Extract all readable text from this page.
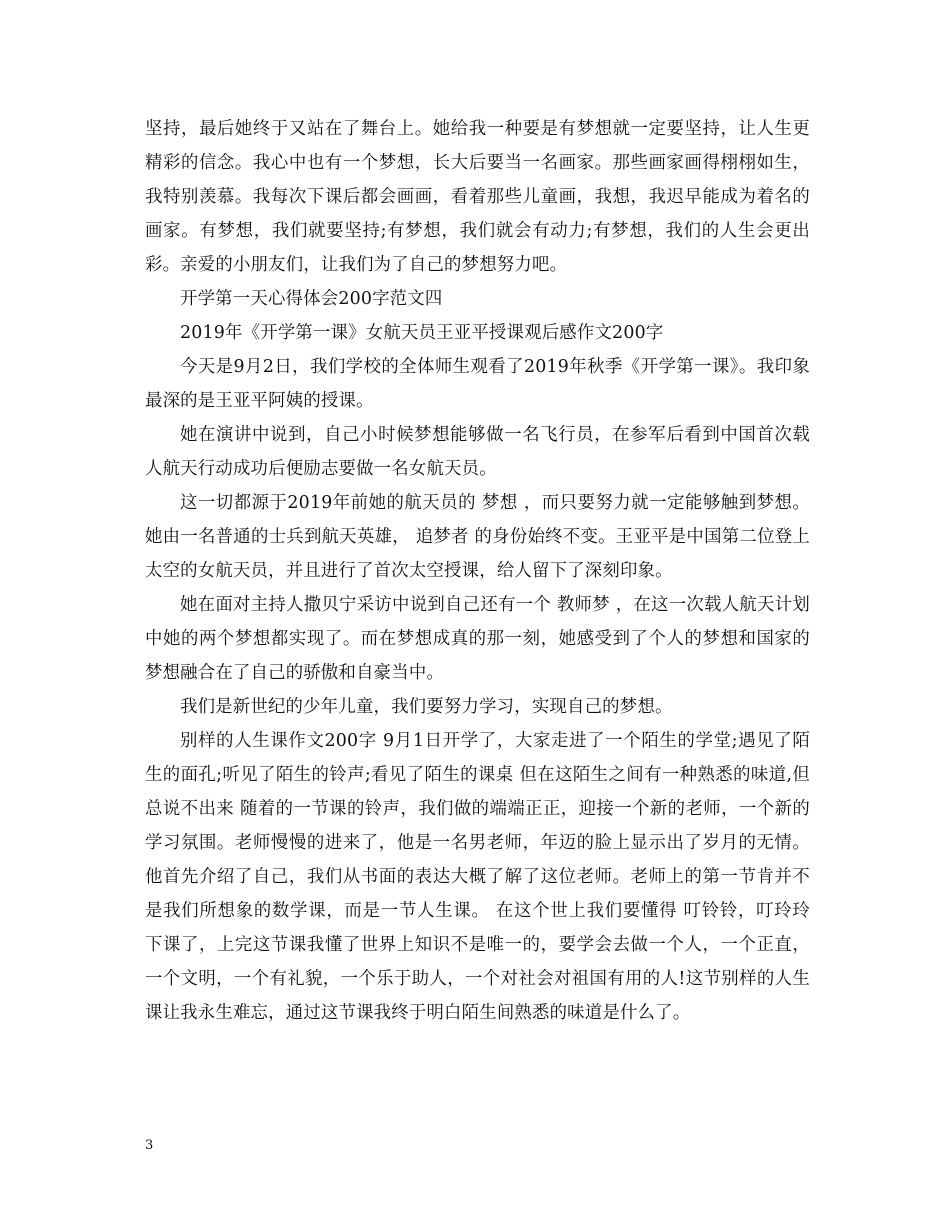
坚持，最后她终于又站在了舞台上。她给我一种要是有梦想就一定要坚持，让人生更精彩的信念。我心中也有一个梦想，长大后要当一名画家。那些画家画得栩栩如生，我特别羡慕。我每次下课后都会画画，看着那些儿童画，我想，我迟早能成为着名的画家。有梦想，我们就要坚持;有梦想，我们就会有动力;有梦想，我们的人生会更出彩。亲爱的小朋友们，让我们为了自己的梦想努力吧。

开学第一天心得体会200字范文四

2019年《开学第一课》女航天员王亚平授课观后感作文200字

今天是9月2日，我们学校的全体师生观看了2019年秋季《开学第一课》。我印象最深的是王亚平阿姨的授课。

她在演讲中说到，自己小时候梦想能够做一名飞行员，在参军后看到中国首次载人航天行动成功后便励志要做一名女航天员。

这一切都源于2019年前她的航天员的 梦想 ，而只要努力就一定能够触到梦想。她由一名普通的士兵到航天英雄， 追梦者 的身份始终不变。王亚平是中国第二位登上太空的女航天员，并且进行了首次太空授课，给人留下了深刻印象。

她在面对主持人撒贝宁采访中说到自己还有一个 教师梦 ，在这一次载人航天计划中她的两个梦想都实现了。而在梦想成真的那一刻，她感受到了个人的梦想和国家的梦想融合在了自己的骄傲和自豪当中。

我们是新世纪的少年儿童，我们要努力学习，实现自己的梦想。

别样的人生课作文200字 9月1日开学了，大家走进了一个陌生的学堂;遇见了陌生的面孔;听见了陌生的铃声;看见了陌生的课桌 但在这陌生之间有一种熟悉的味道,但总说不出来 随着的一节课的铃声，我们做的端端正正，迎接一个新的老师，一个新的学习氛围。老师慢慢的进来了，他是一名男老师，年迈的脸上显示出了岁月的无情。他首先介绍了自己，我们从书面的表达大概了解了这位老师。老师上的第一节肯并不是我们所想象的数学课，而是一节人生课。 在这个世上我们要懂得 叮铃铃，叮玲玲 下课了，上完这节课我懂了世界上知识不是唯一的，要学会去做一个人，一个正直，一个文明，一个有礼貌，一个乐于助人，一个对社会对祖国有用的人!这节别样的人生课让我永生难忘，通过这节课我终于明白陌生间熟悉的味道是什么了。

3
